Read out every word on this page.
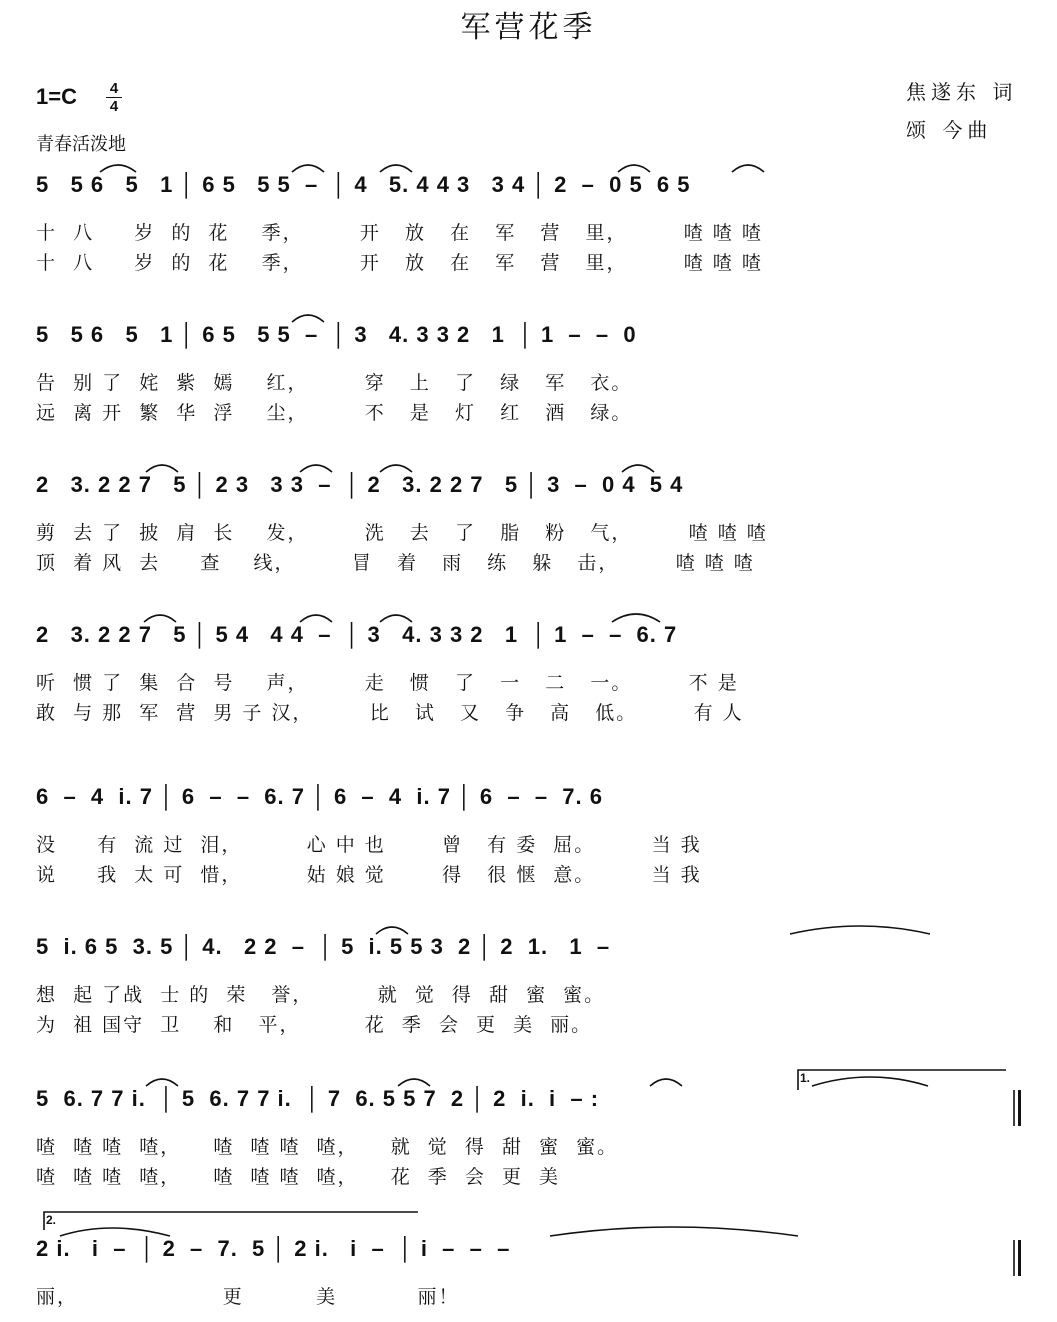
军营花季
1=C	4
4
青春活泼地
焦遂东 词
颂 今曲
5   5 6   5   1 │ 6 5   5 5  –  │ 4   5. 4 4 3   3 4 │ 2  –  0 5  6 5
十  八     岁  的  花    季，       开   放   在   军   营   里，       喳 喳 喳
十  八     岁  的  花    季，       开   放   在   军   营   里，       喳 喳 喳
5   5 6   5   1 │ 6 5   5 5  –  │ 3   4. 3 3 2   1  │ 1  –  –  0
告  别 了  姹  紫  嫣    红，       穿   上   了   绿   军   衣。
远  离 开  繁  华  浮    尘，       不   是   灯   红   酒   绿。
2   3. 2 2 7   5 │ 2 3   3 3  –  │ 2   3. 2 2 7   5 │ 3  –  0 4  5 4
剪  去 了  披  肩  长    发，       洗   去   了   脂   粉   气，       喳 喳 喳
顶  着 风  去     查    线，       冒   着   雨   练   躲   击，       喳 喳 喳
2   3. 2 2 7   5 │ 5 4   4 4  –  │ 3   4. 3 3 2   1  │ 1  –  –  6. 7
听  惯 了  集  合  号    声，       走   惯   了   一   二   一。       不 是
敢  与 那  军  营  男 子 汉，       比   试   又   争   高   低。       有 人
6  –  4  i. 7 │ 6  –  –  6. 7 │ 6  –  4  i. 7 │ 6  –  –  7. 6
没     有  流 过  泪，        心 中 也       曾   有 委  屈。       当 我
说     我  太 可  惜，        姑 娘 觉       得   很 惬  意。       当 我
5  i. 6 5  3. 5 │ 4.   2 2  –  │ 5  i. 5 5 3  2 │ 2  1.   1  –
想  起 了战  士 的  荣   誉，        就  觉  得  甜  蜜  蜜。
为  祖 国守  卫    和   平，        花  季  会  更  美  丽。
5  6. 7 7 i.  │ 5  6. 7 7 i.  │ 7  6. 5 5 7  2 │ 2  i.  i  – :
喳  喳 喳  喳，    喳  喳 喳  喳，    就  觉  得  甜  蜜  蜜。
喳  喳 喳  喳，    喳  喳 喳  喳，    花  季  会  更  美
2 i.   i  –  │ 2  –  7.  5 │ 2 i.   i  –  │ i  –  –  –
丽，                  更         美          丽！
1.
2.
